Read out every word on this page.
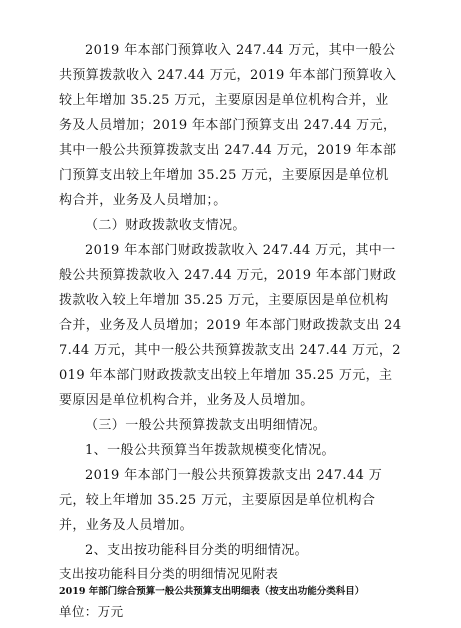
2019 年本部门预算收入 247.44 万元，其中一般公共预算拨款收入 247.44 万元，2019 年本部门预算收入较上年增加 35.25 万元，主要原因是单位机构合并，业务及人员增加；2019 年本部门预算支出 247.44 万元，其中一般公共预算拨款支出 247.44 万元，2019 年本部门预算支出较上年增加 35.25 万元，主要原因是单位机构合并，业务及人员增加；。

（二）财政拨款收支情况。

2019 年本部门财政拨款收入 247.44 万元，其中一般公共预算拨款收入 247.44 万元，2019 年本部门财政拨款收入较上年增加 35.25 万元，主要原因是单位机构合并，业务及人员增加；2019 年本部门财政拨款支出 247.44 万元，其中一般公共预算拨款支出 247.44 万元，2019 年本部门财政拨款支出较上年增加 35.25 万元，主要原因是单位机构合并，业务及人员增加。

（三）一般公共预算拨款支出明细情况。

1、一般公共预算当年拨款规模变化情况。

2019 年本部门一般公共预算拨款支出 247.44 万元，较上年增加 35.25 万元，主要原因是单位机构合并，业务及人员增加。

2、支出按功能科目分类的明细情况。

支出按功能科目分类的明细情况见附表

2019 年部门综合预算一般公共预算支出明细表（按支出功能分类科目）

单位：万元
